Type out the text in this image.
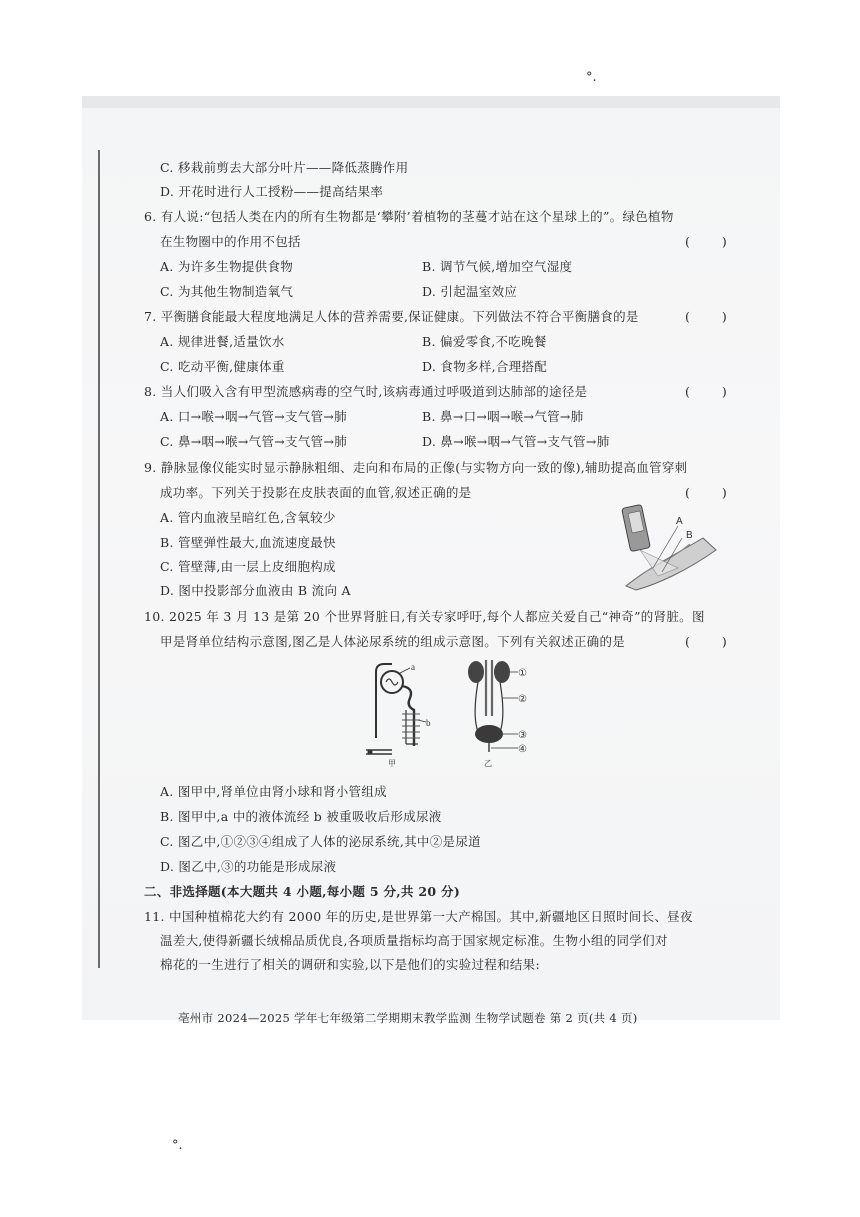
°.
°.
C. 移栽前剪去大部分叶片——降低蒸腾作用
D. 开花时进行人工授粉——提高结果率
6. 有人说:“包括人类在内的所有生物都是‘攀附’着植物的茎蔓才站在这个星球上的”。绿色植物
在生物圈中的作用不包括	( )
A. 为许多生物提供食物	B. 调节气候,增加空气湿度
C. 为其他生物制造氧气	D. 引起温室效应
7. 平衡膳食能最大程度地满足人体的营养需要,保证健康。下列做法不符合平衡膳食的是	( )
A. 规律进餐,适量饮水	B. 偏爱零食,不吃晚餐
C. 吃动平衡,健康体重	D. 食物多样,合理搭配
8. 当人们吸入含有甲型流感病毒的空气时,该病毒通过呼吸道到达肺部的途径是	( )
A. 口→喉→咽→气管→支气管→肺	B. 鼻→口→咽→喉→气管→肺
C. 鼻→咽→喉→气管→支气管→肺	D. 鼻→喉→咽→气管→支气管→肺
9. 静脉显像仪能实时显示静脉粗细、走向和布局的正像(与实物方向一致的像),辅助提高血管穿刺
成功率。下列关于投影在皮肤表面的血管,叙述正确的是	( )
A. 管内血液呈暗红色,含氧较少
B. 管壁弹性最大,血流速度最快
C. 管壁薄,由一层上皮细胞构成
D. 图中投影部分血液由 B 流向 A
A
B
10. 2025 年 3 月 13 是第 20 个世界肾脏日,有关专家呼吁,每个人都应关爱自己“神奇”的肾脏。图
甲是肾单位结构示意图,图乙是人体泌尿系统的组成示意图。下列有关叙述正确的是	( )
a
b
甲
①
②
③
④
乙
A. 图甲中,肾单位由肾小球和肾小管组成
B. 图甲中,a 中的液体流经 b 被重吸收后形成尿液
C. 图乙中,①②③④组成了人体的泌尿系统,其中②是尿道
D. 图乙中,③的功能是形成尿液
二、非选择题(本大题共 4 小题,每小题 5 分,共 20 分)
11. 中国种植棉花大约有 2000 年的历史,是世界第一大产棉国。其中,新疆地区日照时间长、昼夜
温差大,使得新疆长绒棉品质优良,各项质量指标均高于国家规定标准。生物小组的同学们对
棉花的一生进行了相关的调研和实验,以下是他们的实验过程和结果:
亳州市 2024—2025 学年七年级第二学期期末教学监测 生物学试题卷 第 2 页(共 4 页)
